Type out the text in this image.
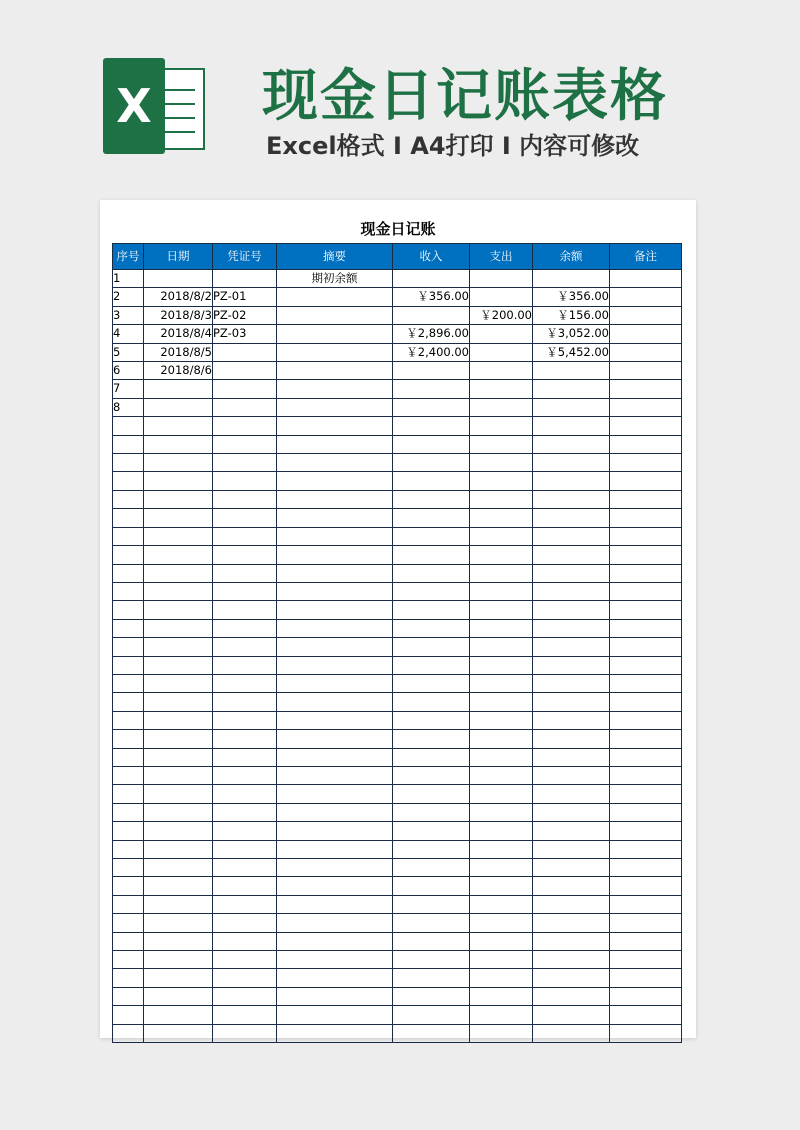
X 现金日记账表格
Excel格式 I A4打印 I 内容可修改
现金日记账
序号	日期	凭证号	摘要	收入	支出	余额	备注
1			期初余额				
2	2018/8/2	PZ-01		￥356.00		￥356.00	
3	2018/8/3	PZ-02			￥200.00	￥156.00	
4	2018/8/4	PZ-03		￥2,896.00		￥3,052.00	
5	2018/8/5			￥2,400.00		￥5,452.00	
6	2018/8/6						
7							
8							
